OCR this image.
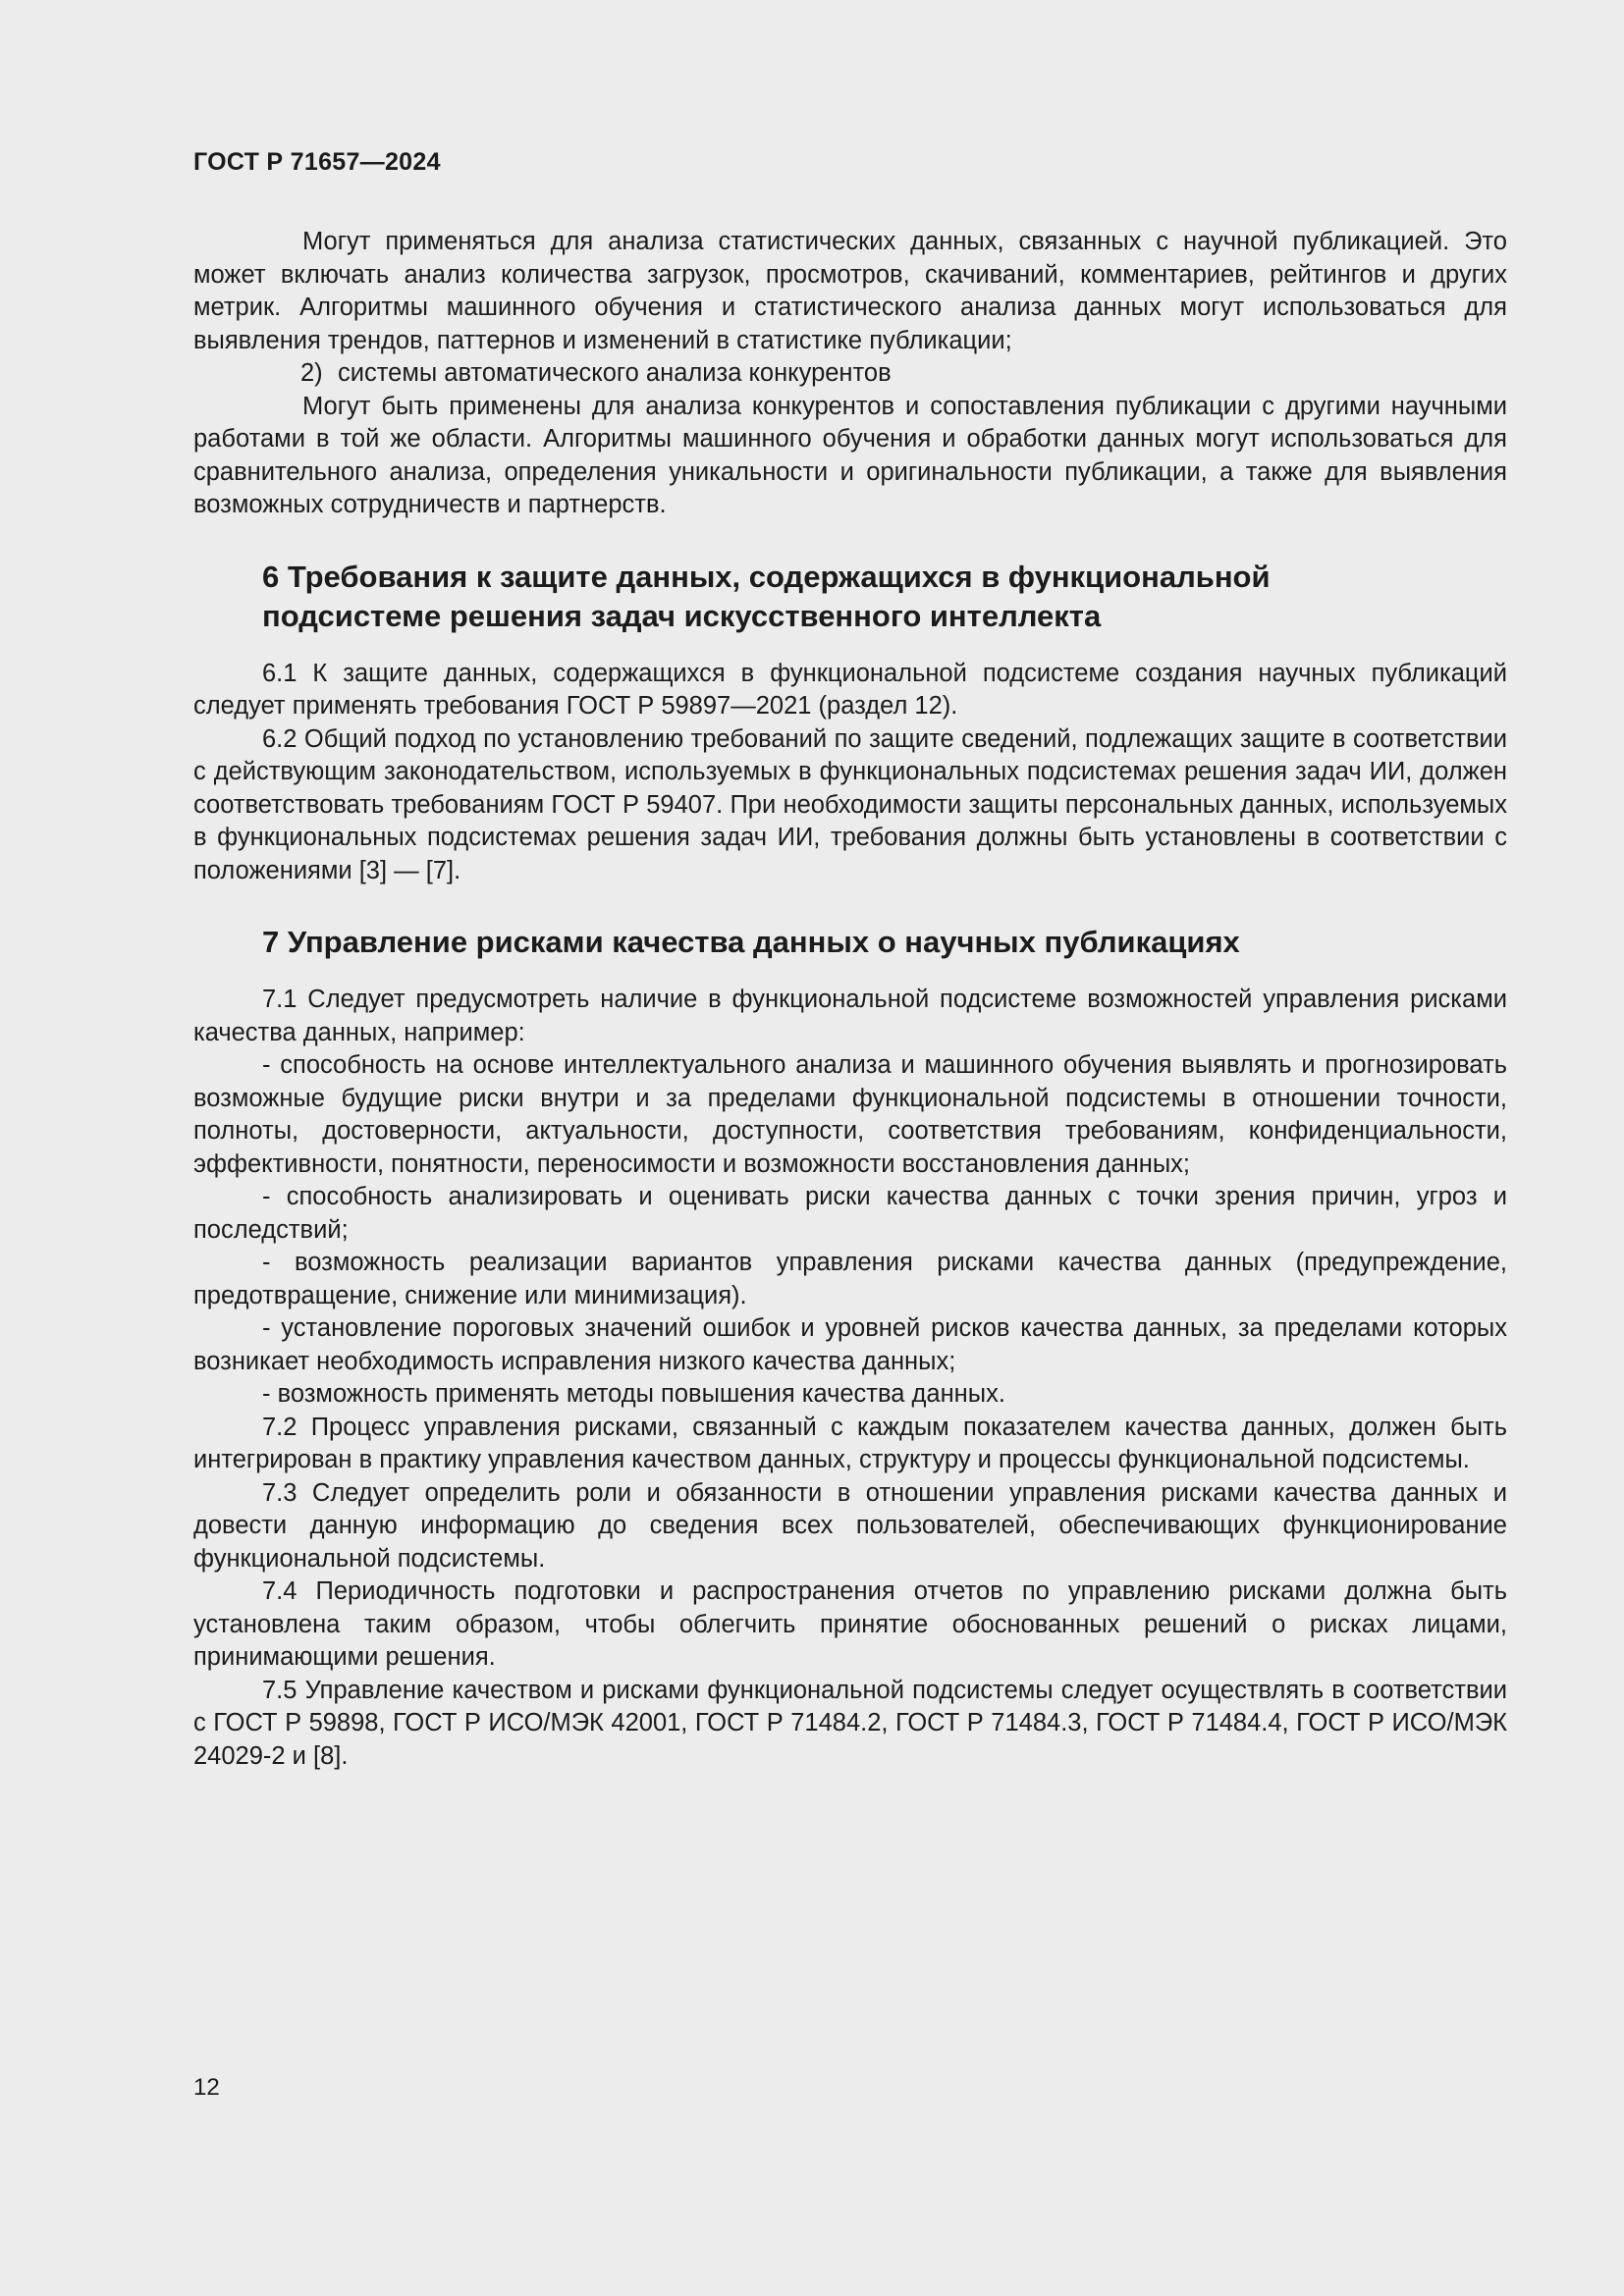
ГОСТ Р 71657—2024

Могут применяться для анализа статистических данных, связанных с научной публикацией. Это может включать анализ количества загрузок, просмотров, скачиваний, комментариев, рейтингов и других метрик. Алгоритмы машинного обучения и статистического анализа данных могут использоваться для выявления трендов, паттернов и изменений в статистике публикации;

2) системы автоматического анализа конкурентов

Могут быть применены для анализа конкурентов и сопоставления публикации с другими научными работами в той же области. Алгоритмы машинного обучения и обработки данных могут использоваться для сравнительного анализа, определения уникальности и оригинальности публикации, а также для выявления возможных сотрудничеств и партнерств.

6 Требования к защите данных, содержащихся в функциональной
подсистеме решения задач искусственного интеллекта

6.1 К защите данных, содержащихся в функциональной подсистеме создания научных публикаций следует применять требования ГОСТ Р 59897—2021 (раздел 12).

6.2 Общий подход по установлению требований по защите сведений, подлежащих защите в соответствии с действующим законодательством, используемых в функциональных подсистемах решения задач ИИ, должен соответствовать требованиям ГОСТ Р 59407. При необходимости защиты персональных данных, используемых в функциональных подсистемах решения задач ИИ, требования должны быть установлены в соответствии с положениями [3] — [7].

7 Управление рисками качества данных о научных публикациях

7.1 Следует предусмотреть наличие в функциональной подсистеме возможностей управления рисками качества данных, например:

- способность на основе интеллектуального анализа и машинного обучения выявлять и прогнозировать возможные будущие риски внутри и за пределами функциональной подсистемы в отношении точности, полноты, достоверности, актуальности, доступности, соответствия требованиям, конфиденциальности, эффективности, понятности, переносимости и возможности восстановления данных;

- способность анализировать и оценивать риски качества данных с точки зрения причин, угроз и последствий;

- возможность реализации вариантов управления рисками качества данных (предупреждение, предотвращение, снижение или минимизация).

- установление пороговых значений ошибок и уровней рисков качества данных, за пределами которых возникает необходимость исправления низкого качества данных;

- возможность применять методы повышения качества данных.

7.2 Процесс управления рисками, связанный с каждым показателем качества данных, должен быть интегрирован в практику управления качеством данных, структуру и процессы функциональной подсистемы.

7.3 Следует определить роли и обязанности в отношении управления рисками качества данных и довести данную информацию до сведения всех пользователей, обеспечивающих функционирование функциональной подсистемы.

7.4 Периодичность подготовки и распространения отчетов по управлению рисками должна быть установлена таким образом, чтобы облегчить принятие обоснованных решений о рисках лицами, принимающими решения.

7.5 Управление качеством и рисками функциональной подсистемы следует осуществлять в соответствии с ГОСТ Р 59898, ГОСТ Р ИСО/МЭК 42001, ГОСТ Р 71484.2, ГОСТ Р 71484.3, ГОСТ Р 71484.4, ГОСТ Р ИСО/МЭК 24029-2 и [8].

12
